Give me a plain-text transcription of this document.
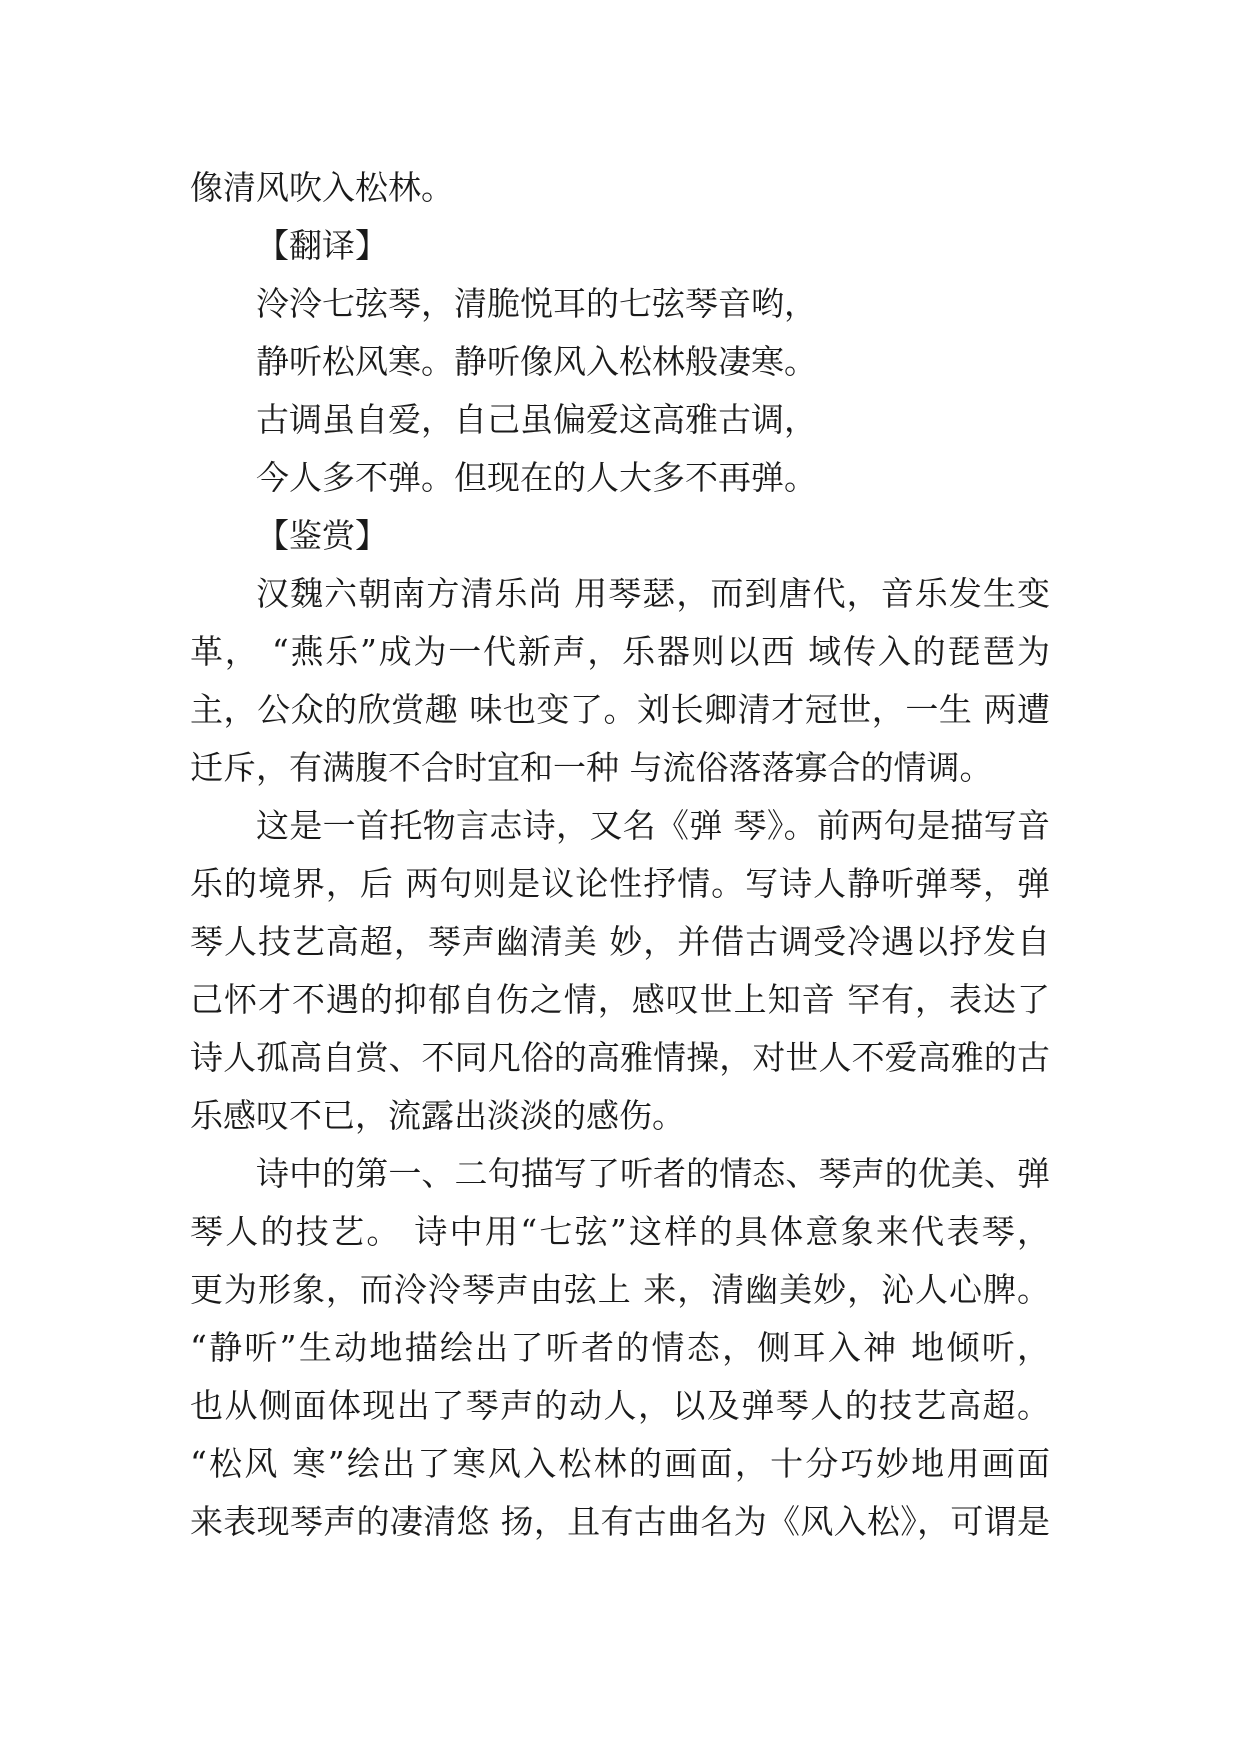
像清风吹入松林。
【翻译】
泠泠七弦琴，清脆悦耳的七弦琴音哟，
静听松风寒。静听像风入松林般凄寒。
古调虽自爱，自己虽偏爱这高雅古调，
今人多不弹。但现在的人大多不再弹。
【鉴赏】
汉魏六朝南方清乐尚 用琴瑟，而到唐代，音乐发生变
革， “燕乐”成为一代新声，乐器则以西 域传入的琵琶为
主，公众的欣赏趣 味也变了。刘长卿清才冠世，一生 两遭
迁斥，有满腹不合时宜和一种 与流俗落落寡合的情调。
这是一首托物言志诗，又名《弹 琴》。前两句是描写音
乐的境界，后 两句则是议论性抒情。写诗人静听弹琴，弹
琴人技艺高超，琴声幽清美 妙，并借古调受冷遇以抒发自
己怀才不遇的抑郁自伤之情，感叹世上知音 罕有，表达了
诗人孤高自赏、不同凡俗的高雅情操，对世人不爱高雅的古
乐感叹不已，流露出淡淡的感伤。
诗中的第一、二句描写了听者的情态、琴声的优美、弹
琴人的技艺。 诗中用“七弦”这样的具体意象来代表琴，
更为形象，而泠泠琴声由弦上 来，清幽美妙，沁人心脾。
“静听”生动地描绘出了听者的情态，侧耳入神 地倾听，
也从侧面体现出了琴声的动人，以及弹琴人的技艺高超。
“松风 寒”绘出了寒风入松林的画面，十分巧妙地用画面
来表现琴声的凄清悠 扬，且有古曲名为《风入松》，可谓是
